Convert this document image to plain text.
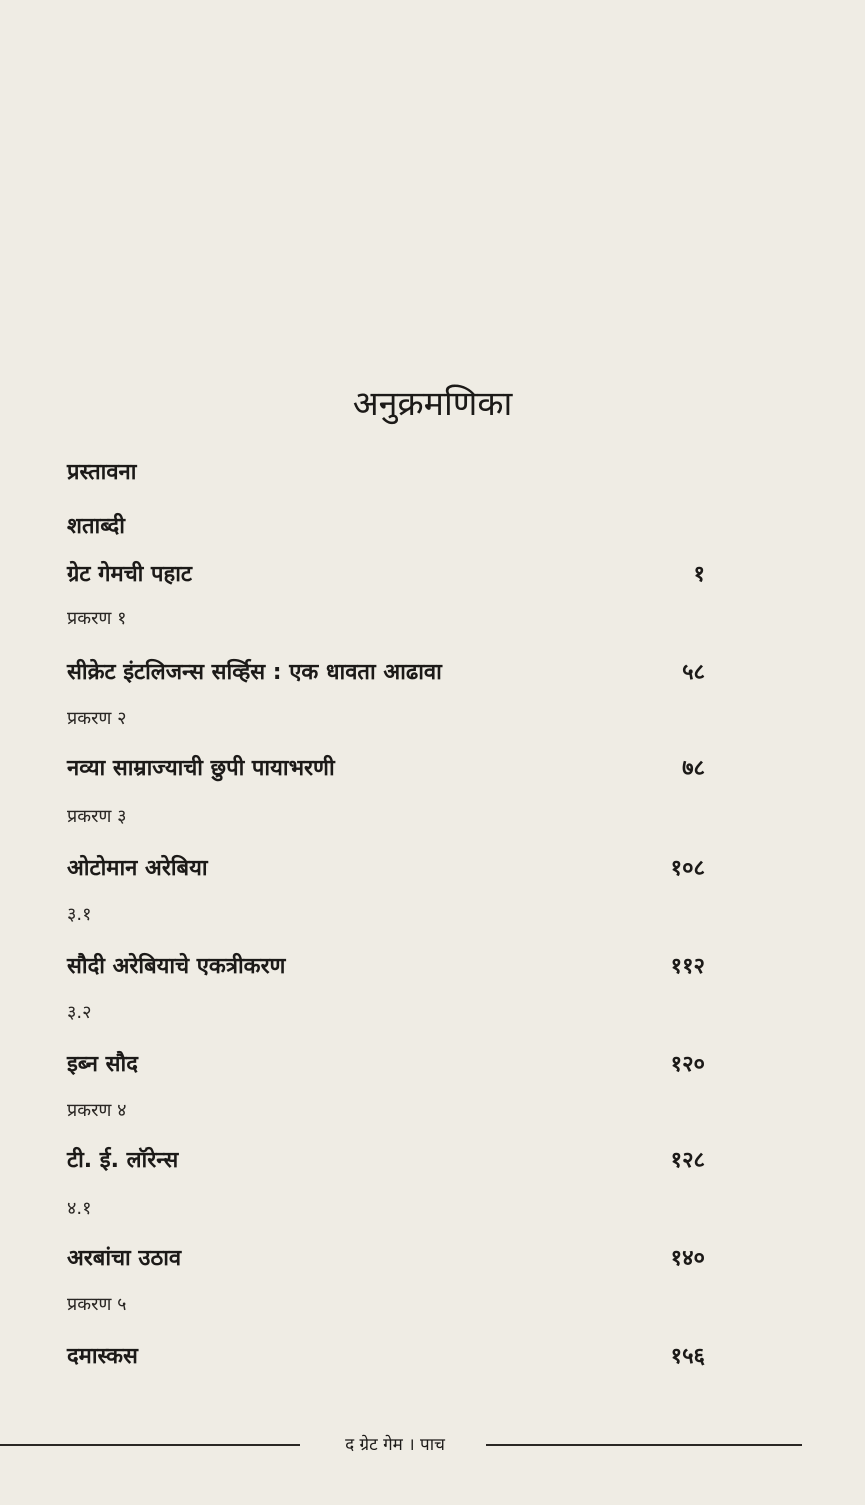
अनुक्रमणिका
प्रस्तावना
शताब्दी
ग्रेट गेमची पहाट	१
प्रकरण १
सीक्रेट इंटलिजन्स सर्व्हिस : एक धावता आढावा	५८
प्रकरण २
नव्या साम्राज्याची छुपी पायाभरणी	७८
प्रकरण ३
ओटोमान अरेबिया	१०८
३.१
सौदी अरेबियाचे एकत्रीकरण	११२
३.२
इब्न सौद	१२०
प्रकरण ४
टी. ई. लॉरेन्स	१२८
४.१
अरबांचा उठाव	१४०
प्रकरण ५
दमास्कस	१५६
द ग्रेट गेम । पाच
